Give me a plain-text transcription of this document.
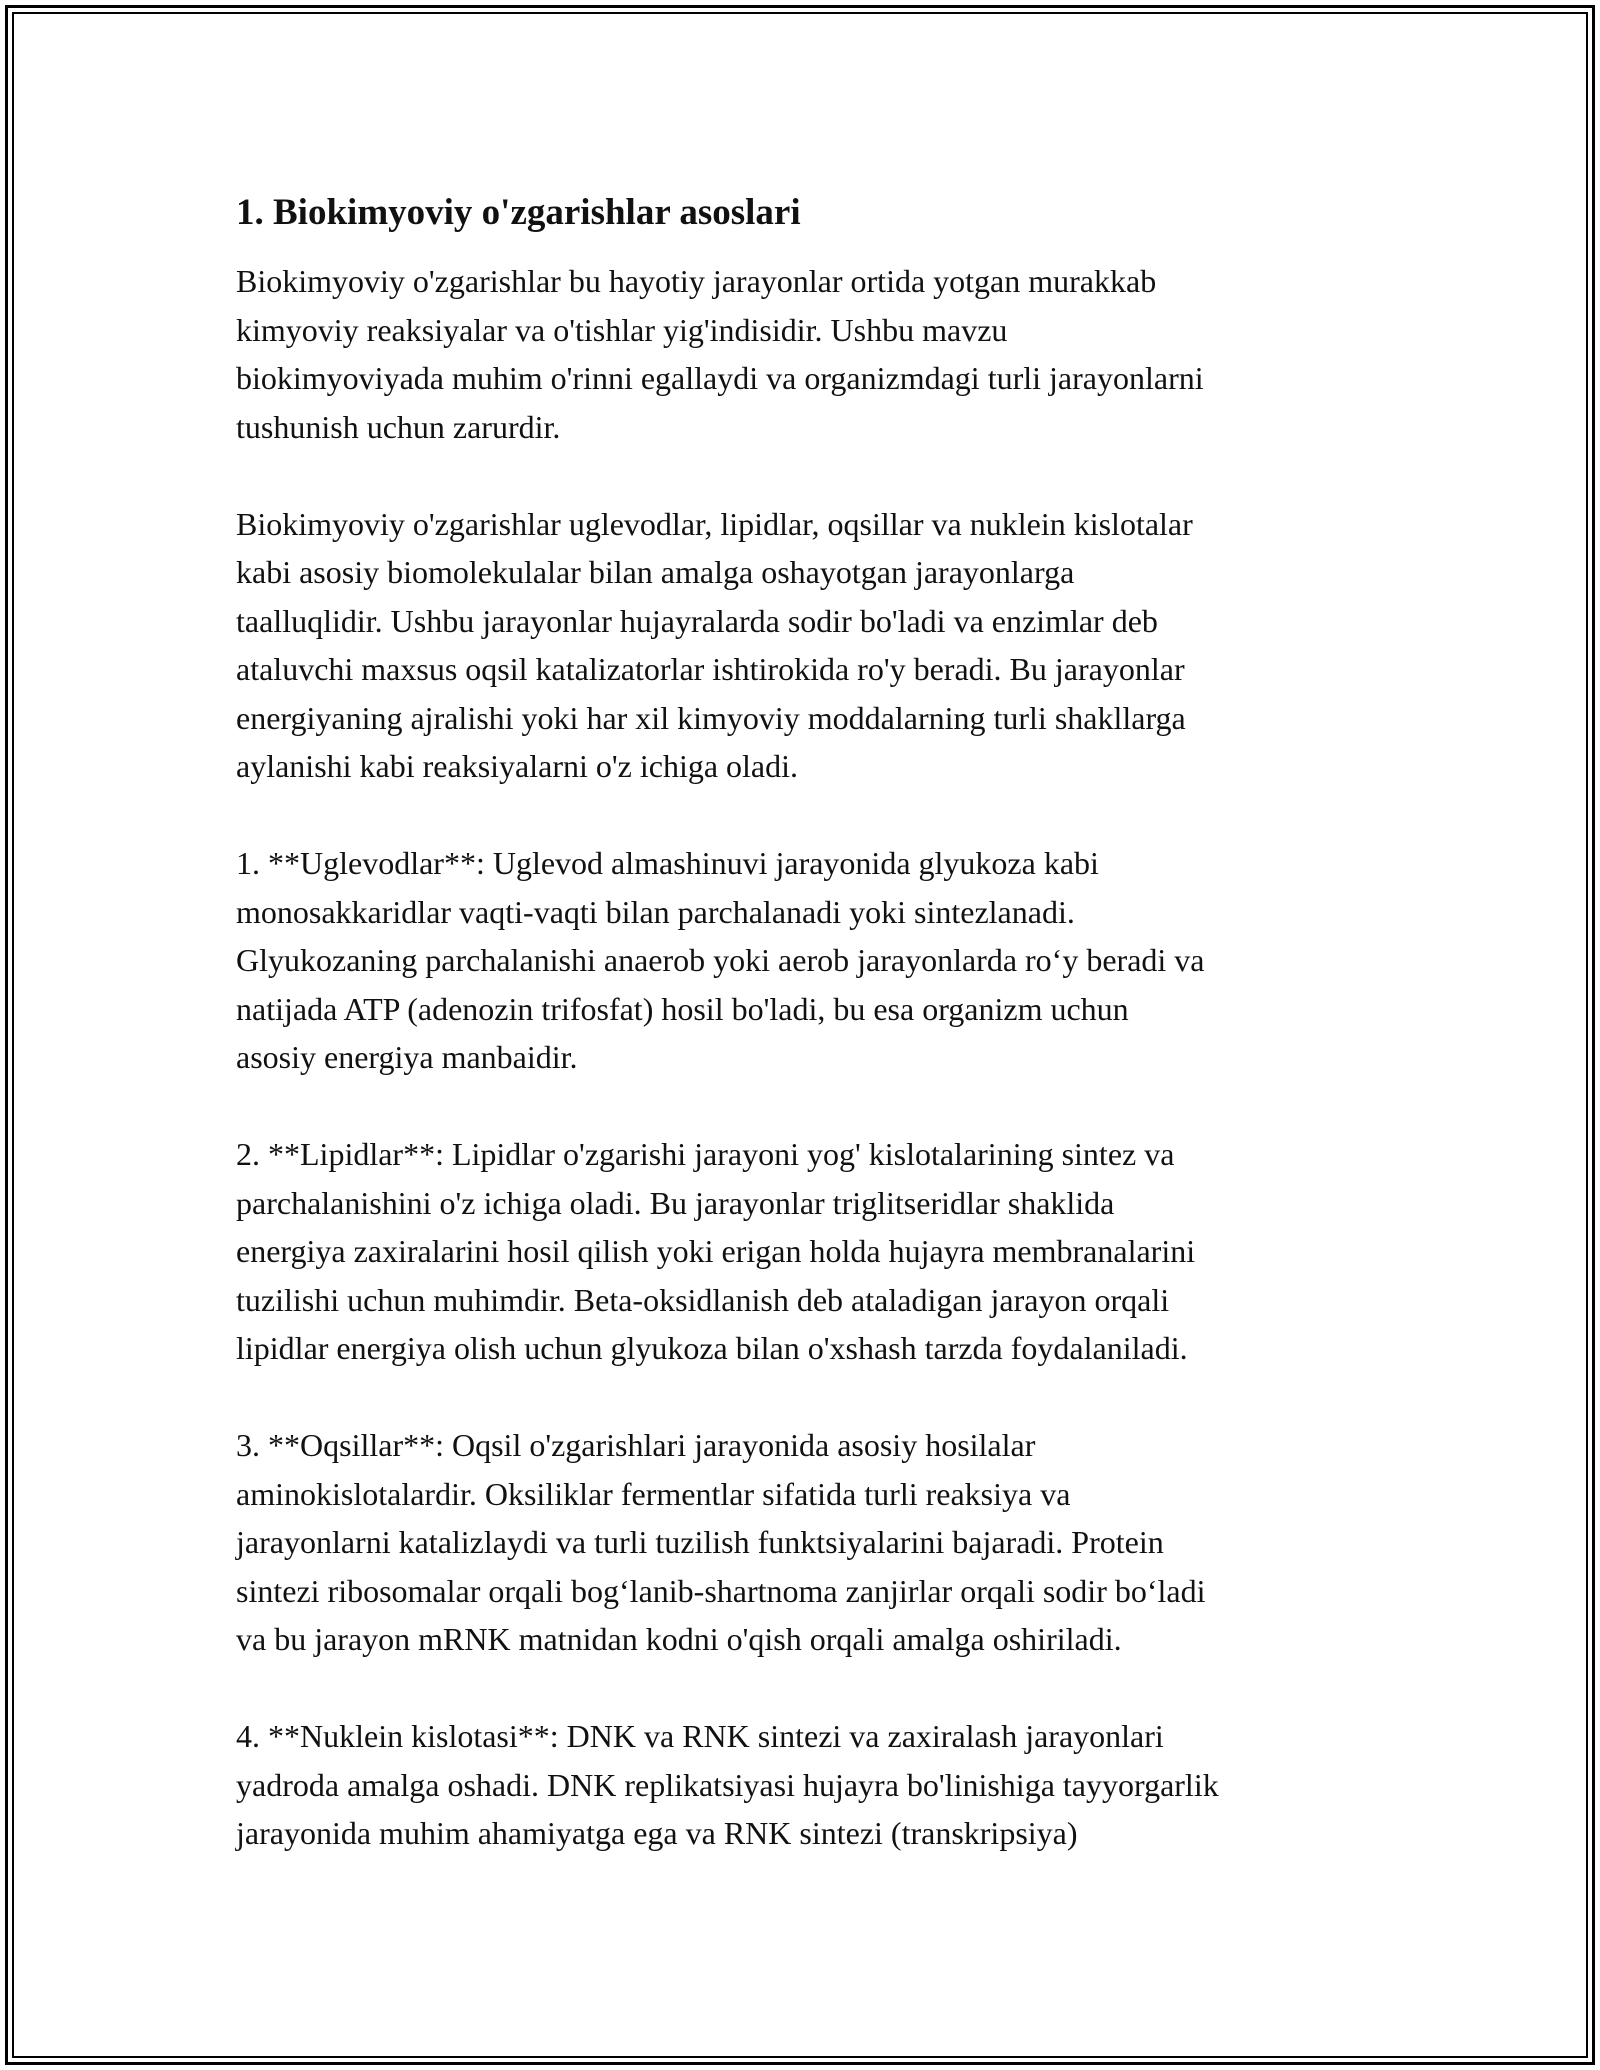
1. Biokimyoviy o'zgarishlar asoslari

Biokimyoviy o'zgarishlar bu hayotiy jarayonlar ortida yotgan murakkab
kimyoviy reaksiyalar va o'tishlar yig'indisidir. Ushbu mavzu
biokimyoviyada muhim o'rinni egallaydi va organizmdagi turli jarayonlarni
tushunish uchun zarurdir.

Biokimyoviy o'zgarishlar uglevodlar, lipidlar, oqsillar va nuklein kislotalar
kabi asosiy biomolekulalar bilan amalga oshayotgan jarayonlarga
taalluqlidir. Ushbu jarayonlar hujayralarda sodir bo'ladi va enzimlar deb
ataluvchi maxsus oqsil katalizatorlar ishtirokida ro'y beradi. Bu jarayonlar
energiyaning ajralishi yoki har xil kimyoviy moddalarning turli shakllarga
aylanishi kabi reaksiyalarni o'z ichiga oladi.

1. **Uglevodlar**: Uglevod almashinuvi jarayonida glyukoza kabi
monosakkaridlar vaqti-vaqti bilan parchalanadi yoki sintezlanadi.
Glyukozaning parchalanishi anaerob yoki aerob jarayonlarda ro‘y beradi va
natijada ATP (adenozin trifosfat) hosil bo'ladi, bu esa organizm uchun
asosiy energiya manbaidir.

2. **Lipidlar**: Lipidlar o'zgarishi jarayoni yog' kislotalarining sintez va
parchalanishini o'z ichiga oladi. Bu jarayonlar triglitseridlar shaklida
energiya zaxiralarini hosil qilish yoki erigan holda hujayra membranalarini
tuzilishi uchun muhimdir. Beta-oksidlanish deb ataladigan jarayon orqali
lipidlar energiya olish uchun glyukoza bilan o'xshash tarzda foydalaniladi.

3. **Oqsillar**: Oqsil o'zgarishlari jarayonida asosiy hosilalar
aminokislotalardir. Oksiliklar fermentlar sifatida turli reaksiya va
jarayonlarni katalizlaydi va turli tuzilish funktsiyalarini bajaradi. Protein
sintezi ribosomalar orqali bog‘lanib-shartnoma zanjirlar orqali sodir bo‘ladi
va bu jarayon mRNK matnidan kodni o'qish orqali amalga oshiriladi.

4. **Nuklein kislotasi**: DNK va RNK sintezi va zaxiralash jarayonlari
yadroda amalga oshadi. DNK replikatsiyasi hujayra bo'linishiga tayyorgarlik
jarayonida muhim ahamiyatga ega va RNK sintezi (transkripsiya)
